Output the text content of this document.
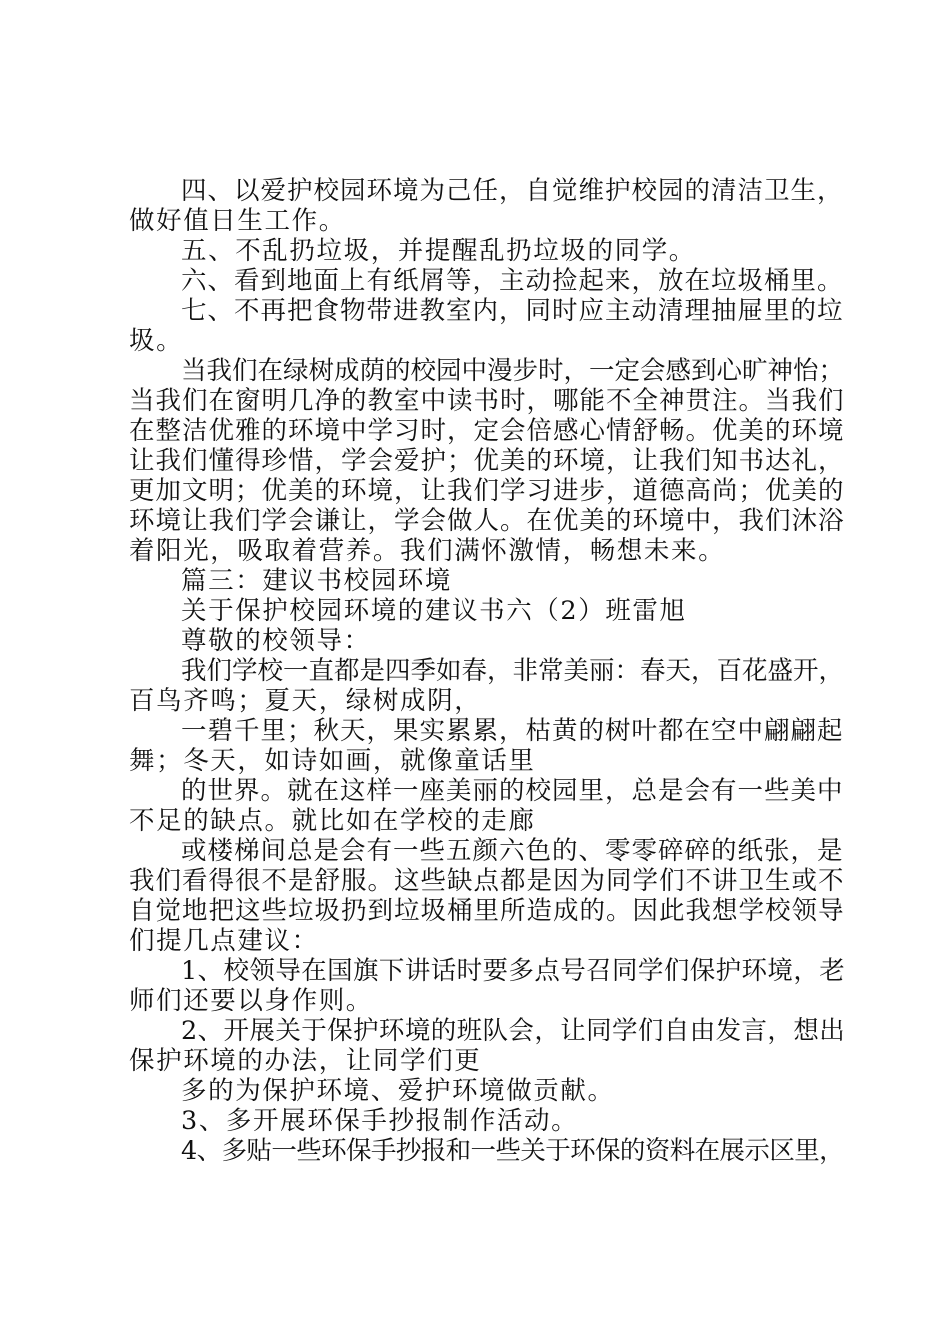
四、以爱护校园环境为己任，自觉维护校园的清洁卫生，
做好值日生工作。
五、不乱扔垃圾，并提醒乱扔垃圾的同学。
六、看到地面上有纸屑等，主动捡起来，放在垃圾桶里。
七、不再把食物带进教室内，同时应主动清理抽屉里的垃
圾。
当我们在绿树成荫的校园中漫步时，一定会感到心旷神怡；
当我们在窗明几净的教室中读书时，哪能不全神贯注。当我们
在整洁优雅的环境中学习时，定会倍感心情舒畅。优美的环境
让我们懂得珍惜，学会爱护；优美的环境，让我们知书达礼，
更加文明；优美的环境，让我们学习进步，道德高尚；优美的
环境让我们学会谦让，学会做人。在优美的环境中，我们沐浴
着阳光，吸取着营养。我们满怀激情，畅想未来。
篇三：建议书校园环境
关于保护校园环境的建议书六（2）班雷旭
尊敬的校领导：
我们学校一直都是四季如春，非常美丽：春天，百花盛开，
百鸟齐鸣；夏天，绿树成阴，
一碧千里；秋天，果实累累，枯黄的树叶都在空中翩翩起
舞；冬天，如诗如画，就像童话里
的世界。就在这样一座美丽的校园里，总是会有一些美中
不足的缺点。就比如在学校的走廊
或楼梯间总是会有一些五颜六色的、零零碎碎的纸张，是
我们看得很不是舒服。这些缺点都是因为同学们不讲卫生或不
自觉地把这些垃圾扔到垃圾桶里所造成的。因此我想学校领导
们提几点建议：
1、校领导在国旗下讲话时要多点号召同学们保护环境，老
师们还要以身作则。
2、开展关于保护环境的班队会，让同学们自由发言，想出
保护环境的办法，让同学们更
多的为保护环境、爱护环境做贡献。
3、多开展环保手抄报制作活动。
4、多贴一些环保手抄报和一些关于环保的资料在展示区里，
